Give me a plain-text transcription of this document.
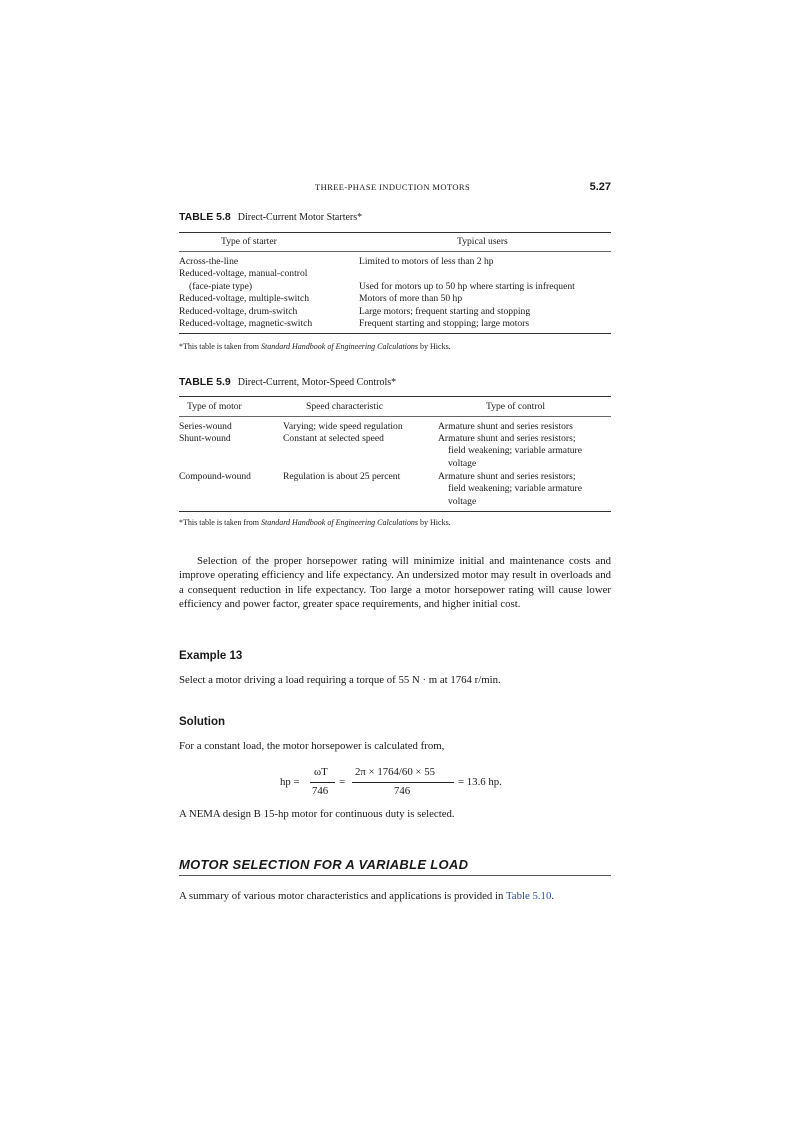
THREE-PHASE INDUCTION MOTORS	5.27
TABLE 5.8 Direct-Current Motor Starters*
Type of starter	Typical users
Across-the-line	Limited to motors of less than 2 hp
Reduced-voltage, manual-control
(face-piate type)	Used for motors up to 50 hp where starting is infrequent
Reduced-voltage, multiple-switch	Motors of more than 50 hp
Reduced-voltage, drum-switch	Large motors; frequent starting and stopping
Reduced-voltage, magnetic-switch	Frequent starting and stopping; large motors
*This table is taken from Standard Handbook of Engineering Calculations by Hicks.
TABLE 5.9 Direct-Current, Motor-Speed Controls*
Type of motor	Speed characteristic	Type of control
Series-wound	Varying; wide speed regulation	Armature shunt and series resistors
Shunt-wound	Constant at selected speed	Armature shunt and series resistors;
field weakening; variable armature
voltage
Compound-wound	Regulation is about 25 percent	Armature shunt and series resistors;
field weakening; variable armature
voltage
*This table is taken from Standard Handbook of Engineering Calculations by Hicks.

Selection of the proper horsepower rating will minimize initial and maintenance costs and improve operating efficiency and life expectancy. An undersized motor may result in overloads and a consequent reduction in life expectancy. Too large a motor horsepower rating will cause lower efficiency and power factor, greater space requirements, and higher initial cost.

Example 13
Select a motor driving a load requiring a torque of 55 N · m at 1764 r/min.
Solution
For a constant load, the motor horsepower is calculated from,
hp =
ωT
746
=
2π × 1764/60 × 55
746
= 13.6 hp.
A NEMA design B 15-hp motor for continuous duty is selected.
MOTOR SELECTION FOR A VARIABLE LOAD
A summary of various motor characteristics and applications is provided in Table 5.10.
